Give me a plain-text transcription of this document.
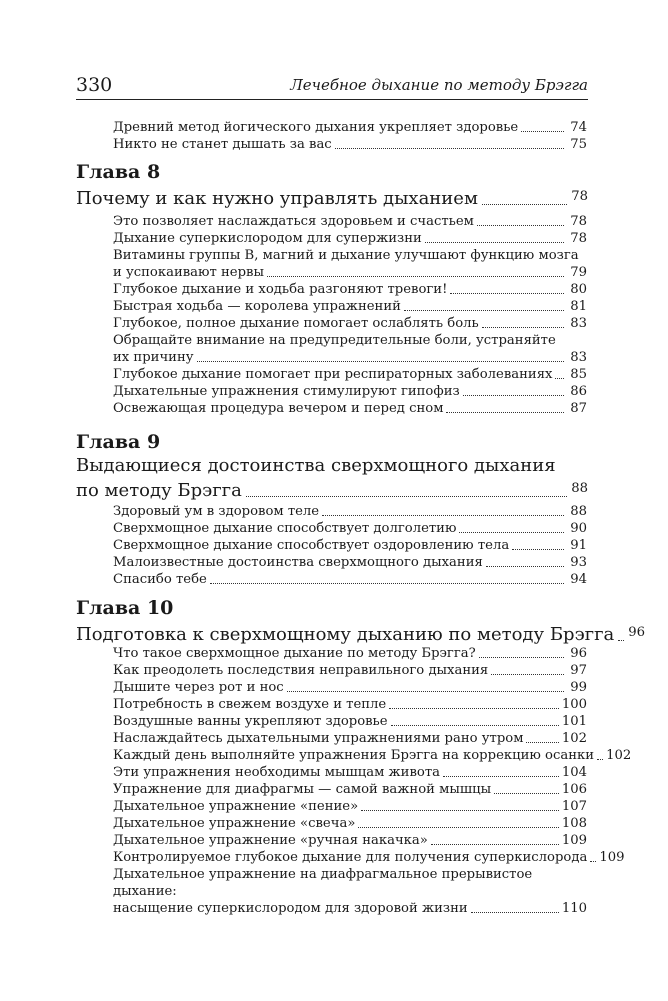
330	Лечебное дыхание по методу Брэгга
Древний метод йогического дыхания укрепляет здоровье	74
Никто не станет дышать за вас	75
Глава 8
Почему и как нужно управлять дыханием	78
Это позволяет наслаждаться здоровьем и счастьем	78
Дыхание суперкислородом для супержизни	78
Витамины группы В, магний и дыхание улучшают функцию мозга
и успокаивают нервы	79
Глубокое дыхание и ходьба разгоняют тревоги!	80
Быстрая ходьба — королева упражнений	81
Глубокое, полное дыхание помогает ослаблять боль	83
Обращайте внимание на предупредительные боли, устраняйте
их причину	83
Глубокое дыхание помогает при респираторных заболеваниях 85
Дыхательные упражнения стимулируют гипофиз	86
Освежающая процедура вечером и перед сном	87
Глава 9
Выдающиеся достоинства сверхмощного дыхания
по методу Брэгга	88
Здоровый ум в здоровом теле	88
Сверхмощное дыхание способствует долголетию	90
Сверхмощное дыхание способствует оздоровлению тела	91
Малоизвестные достоинства сверхмощного дыхания	93
Спасибо тебе	94
Глава 10
Подготовка к сверхмощному дыханию по методу Брэгга 96
Что такое сверхмощное дыхание по методу Брэгга?	96
Как преодолеть последствия неправильного дыхания	97
Дышите через рот и нос	99
Потребность в свежем воздухе и тепле	100
Воздушные ванны укрепляют здоровье	101
Наслаждайтесь дыхательными упражнениями рано утром	102
Каждый день выполняйте упражнения Брэгга на коррекцию осанки 102
Эти упражнения необходимы мышцам живота	104
Упражнение для диафрагмы — самой важной мышцы	106
Дыхательное упражнение «пение»	107
Дыхательное упражнение «свеча»	108
Дыхательное упражнение «ручная накачка»	109
Контролируемое глубокое дыхание для получения суперкислорода 109
Дыхательное упражнение на диафрагмальное прерывистое дыхание:
насыщение суперкислородом для здоровой жизни	110
